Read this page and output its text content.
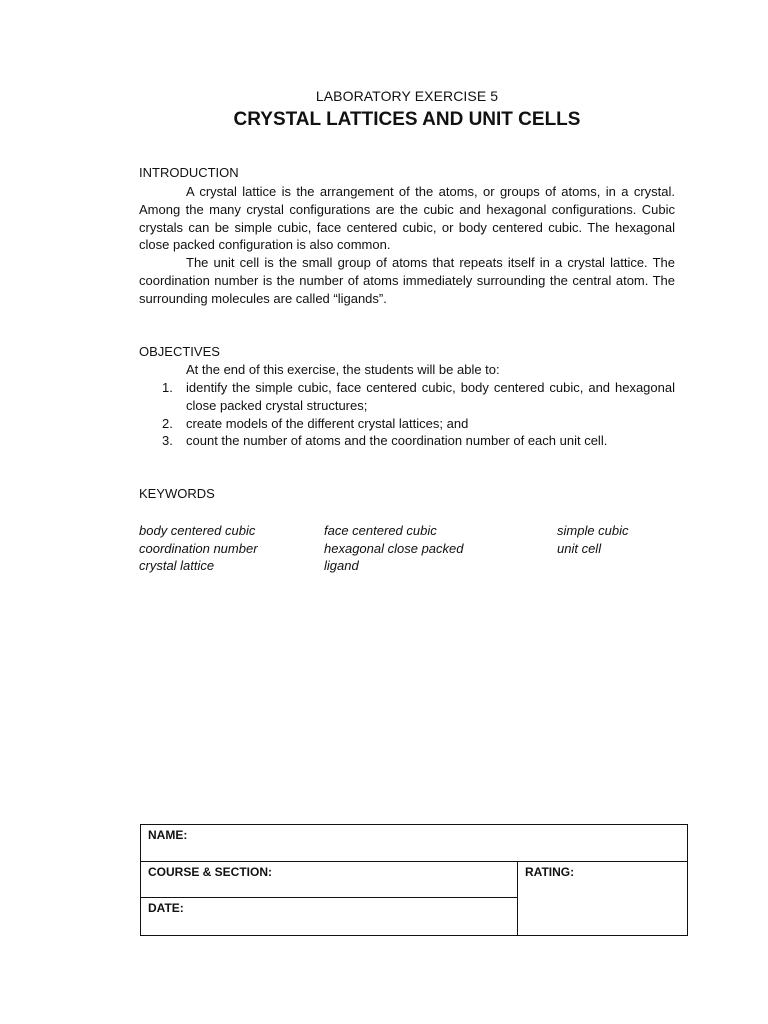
LABORATORY EXERCISE 5
CRYSTAL LATTICES AND UNIT CELLS
INTRODUCTION

A crystal lattice is the arrangement of the atoms, or groups of atoms, in a crystal. Among the many crystal configurations are the cubic and hexagonal configurations. Cubic crystals can be simple cubic, face centered cubic, or body centered cubic. The hexagonal close packed configuration is also common.

The unit cell is the small group of atoms that repeats itself in a crystal lattice. The coordination number is the number of atoms immediately surrounding the central atom. The surrounding molecules are called “ligands”.

OBJECTIVES
At the end of this exercise, the students will be able to:
1. identify the simple cubic, face centered cubic, body centered cubic, and hexagonal close packed crystal structures;
2. create models of the different crystal lattices; and
3. count the number of atoms and the coordination number of each unit cell.
KEYWORDS
body centered cubic	face centered cubic	simple cubic
coordination number	hexagonal close packed	unit cell
crystal lattice	ligand
NAME:
COURSE & SECTION:	RATING:
DATE:
